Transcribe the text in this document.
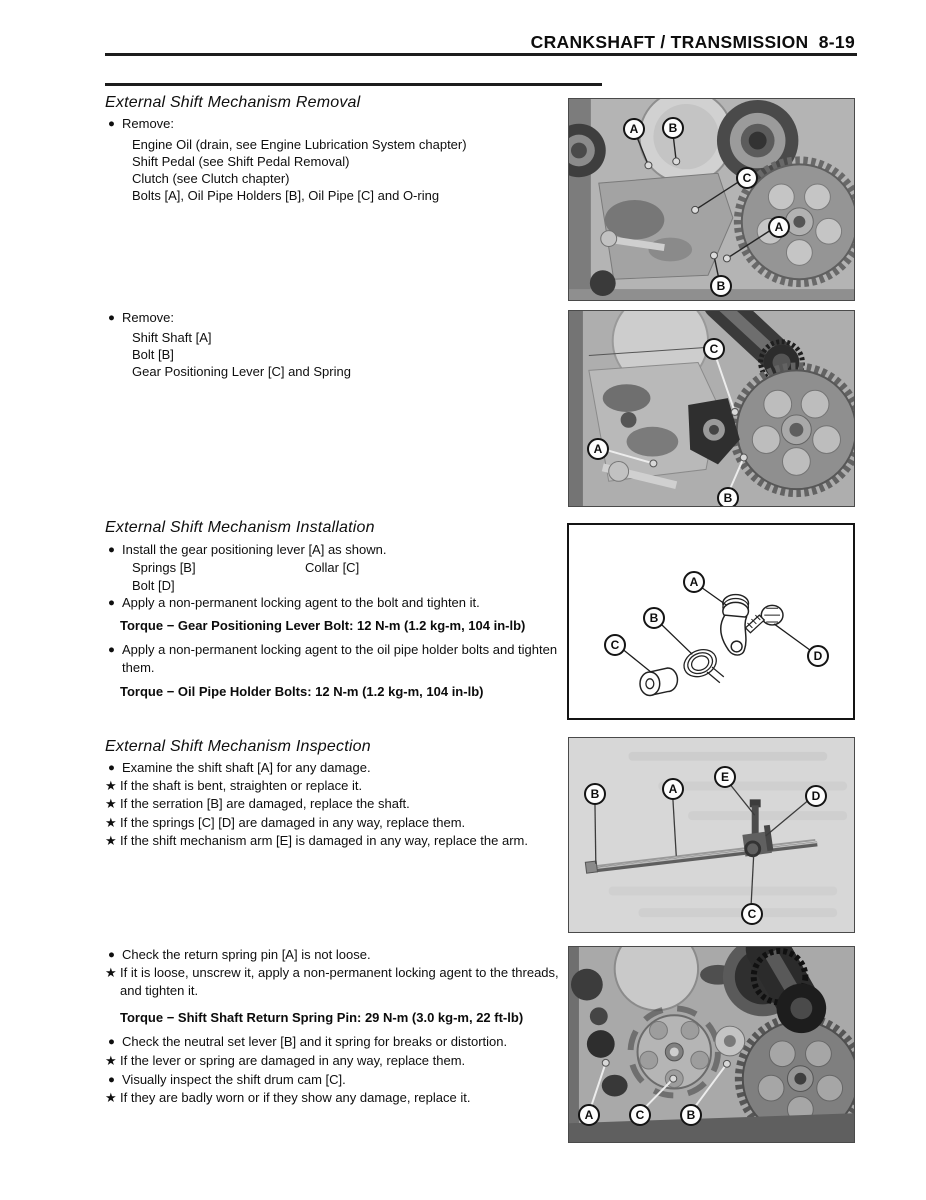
CRANKSHAFT / TRANSMISSION  8-19
External Shift Mechanism Removal
● Remove:
Engine Oil (drain, see Engine Lubrication System chapter)
Shift Pedal (see Shift Pedal Removal)
Clutch (see Clutch chapter)
Bolts [A], Oil Pipe Holders [B], Oil Pipe [C] and O-ring
● Remove:
Shift Shaft [A]
Bolt [B]
Gear Positioning Lever [C] and Spring
External Shift Mechanism Installation
● Install the gear positioning lever [A] as shown.
Springs [B]	Collar [C]
Bolt [D]
● Apply a non-permanent locking agent to the bolt and tighten it.
Torque − Gear Positioning Lever Bolt: 12 N-m (1.2 kg-m, 104 in-lb)
● Apply a non-permanent locking agent to the oil pipe holder bolts and tighten them.
Torque − Oil Pipe Holder Bolts: 12 N-m (1.2 kg-m, 104 in-lb)
External Shift Mechanism Inspection
● Examine the shift shaft [A] for any damage.
★ If the shaft is bent, straighten or replace it.
★ If the serration [B] are damaged, replace the shaft.
★ If the springs [C] [D] are damaged in any way, replace them.
★ If the shift mechanism arm [E] is damaged in any way, replace the arm.
● Check the return spring pin [A] is not loose.
★ If it is loose, unscrew it, apply a non-permanent locking agent to the threads, and tighten it.
Torque − Shift Shaft Return Spring Pin: 29 N-m (3.0 kg-m, 22 ft-lb)
● Check the neutral set lever [B] and it spring for breaks or distortion.
★ If the lever or spring are damaged in any way, replace them.
● Visually inspect the shift drum cam [C].
★ If they are badly worn or if they show any damage, replace it.
A	B
C
A
B
C
A
B
A
B
C
D
B	A
E
D
C
A	C	B
